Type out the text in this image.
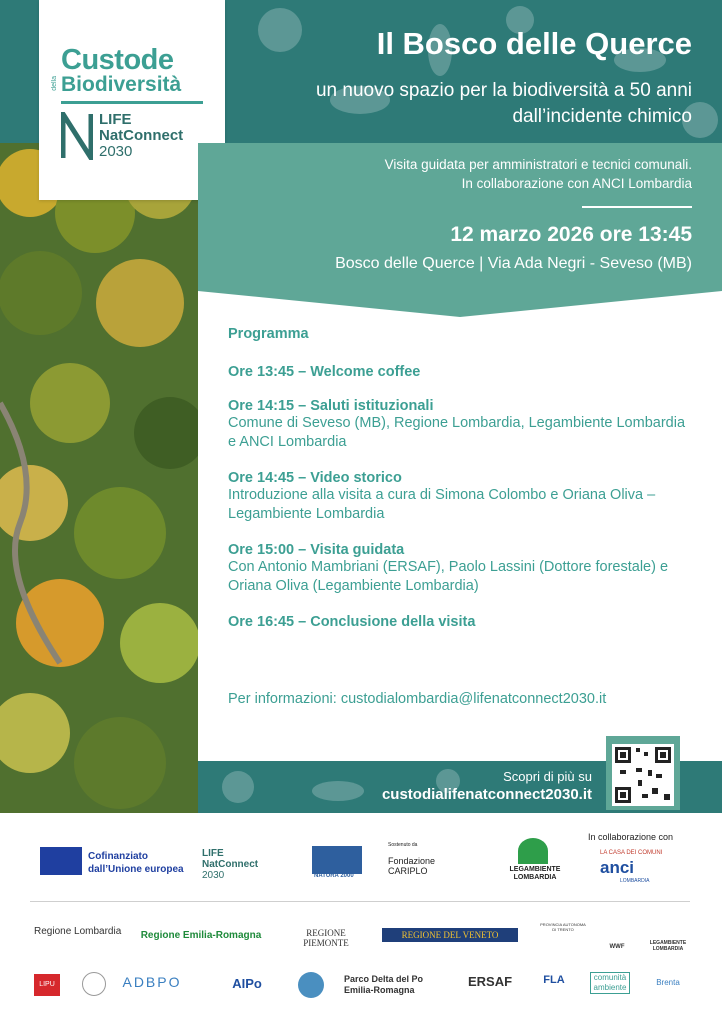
Il Bosco delle Querce

un nuovo spazio per la biodiversità a 50 anni dall’incidente chimico

Custode
della Biodiversità
LIFE
NatConnect
2030
Visita guidata per amministratori e tecnici comunali.
In collaborazione con ANCI Lombardia
12 marzo 2026 ore 13:45
Bosco delle Querce | Via Ada Negri - Seveso (MB)
Programma
Ore 13:45 – Welcome coffee
Ore 14:15 – Saluti istituzionali
Comune di Seveso (MB), Regione Lombardia, Legambiente Lombardia e ANCI Lombardia
Ore 14:45 – Video storico
Introduzione alla visita a cura di Simona Colombo e Oriana Oliva – Legambiente Lombardia
Ore 15:00 – Visita guidata
Con Antonio Mambriani (ERSAF), Paolo Lassini (Dottore forestale) e Oriana Oliva (Legambiente Lombardia)
Ore 16:45 – Conclusione della visita
Per informazioni: custodialombardia@lifenatconnect2030.it
Scopri di più su
custodialifenatconnect2030.it
Cofinanziato
dall’Unione europea
LIFE
NatConnect
2030	NATURA 2000
Sostenuto da
Fondazione
CARIPLO	LEGAMBIENTE LOMBARDIA
In collaborazione con
LA CASA DEI COMUNI
anci
LOMBARDIA
Regione Lombardia Regione Emilia-Romagna	REGIONE PIEMONTE
REGIONE DEL VENETO
PROVINCIA AUTONOMA DI TRENTO
WWF
LEGAMBIENTE LOMBARDIA
LIPU	ADBPO	AIPo	Parco Delta del Po Emilia-Romagna
ERSAF	FLA	comunità ambiente
Brenta
